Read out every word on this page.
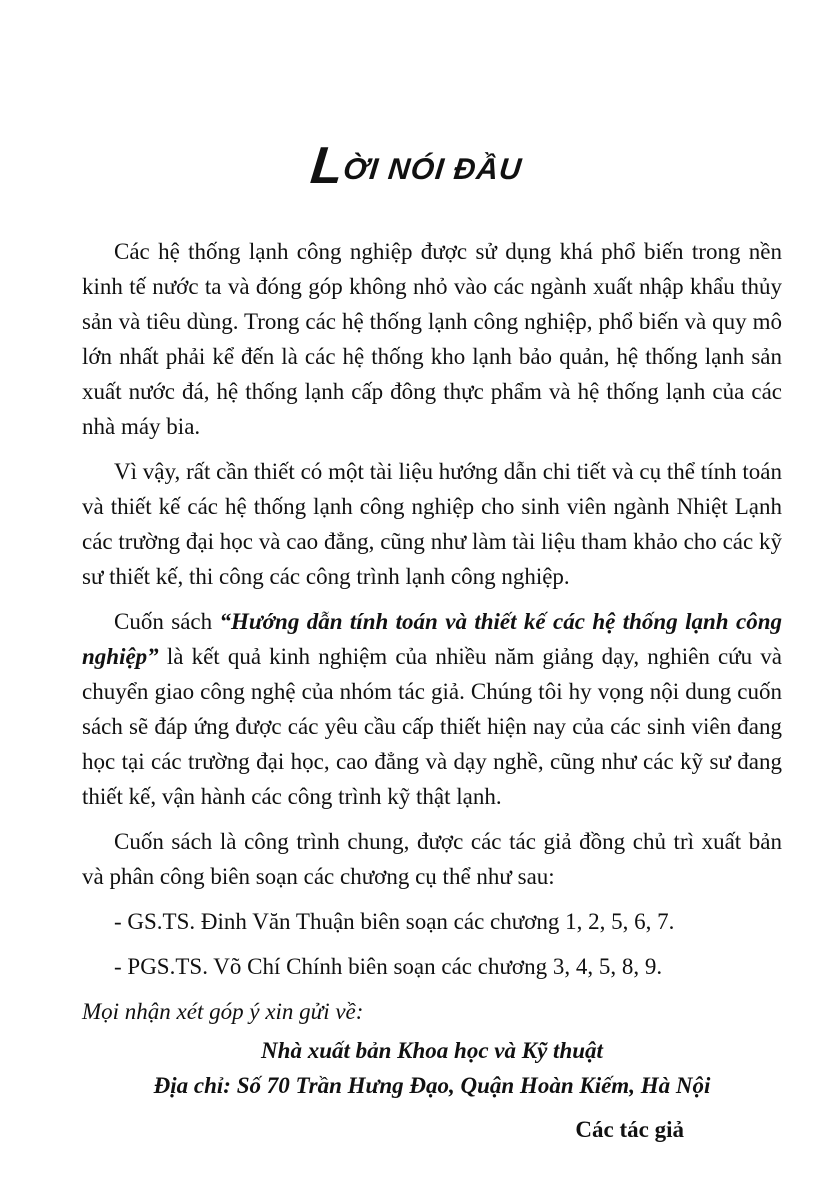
LỜI NÓI ĐẦU

Các hệ thống lạnh công nghiệp được sử dụng khá phổ biến trong nền kinh tế nước ta và đóng góp không nhỏ vào các ngành xuất nhập khẩu thủy sản và tiêu dùng. Trong các hệ thống lạnh công nghiệp, phổ biến và quy mô lớn nhất phải kể đến là các hệ thống kho lạnh bảo quản, hệ thống lạnh sản xuất nước đá, hệ thống lạnh cấp đông thực phẩm và hệ thống lạnh của các nhà máy bia.

Vì vậy, rất cần thiết có một tài liệu hướng dẫn chi tiết và cụ thể tính toán và thiết kế các hệ thống lạnh công nghiệp cho sinh viên ngành Nhiệt Lạnh các trường đại học và cao đẳng, cũng như làm tài liệu tham khảo cho các kỹ sư thiết kế, thi công các công trình lạnh công nghiệp.

Cuốn sách “Hướng dẫn tính toán và thiết kế các hệ thống lạnh công nghiệp” là kết quả kinh nghiệm của nhiều năm giảng dạy, nghiên cứu và chuyển giao công nghệ của nhóm tác giả. Chúng tôi hy vọng nội dung cuốn sách sẽ đáp ứng được các yêu cầu cấp thiết hiện nay của các sinh viên đang học tại các trường đại học, cao đẳng và dạy nghề, cũng như các kỹ sư đang thiết kế, vận hành các công trình kỹ thật lạnh.

Cuốn sách là công trình chung, được các tác giả đồng chủ trì xuất bản và phân công biên soạn các chương cụ thể như sau:

- GS.TS. Đinh Văn Thuận biên soạn các chương 1, 2, 5, 6, 7.

- PGS.TS. Võ Chí Chính biên soạn các chương 3, 4, 5, 8, 9.

Mọi nhận xét góp ý xin gửi về:

Nhà xuất bản Khoa học và Kỹ thuật

Địa chỉ: Số 70 Trần Hưng Đạo, Quận Hoàn Kiếm, Hà Nội

Các tác giả
